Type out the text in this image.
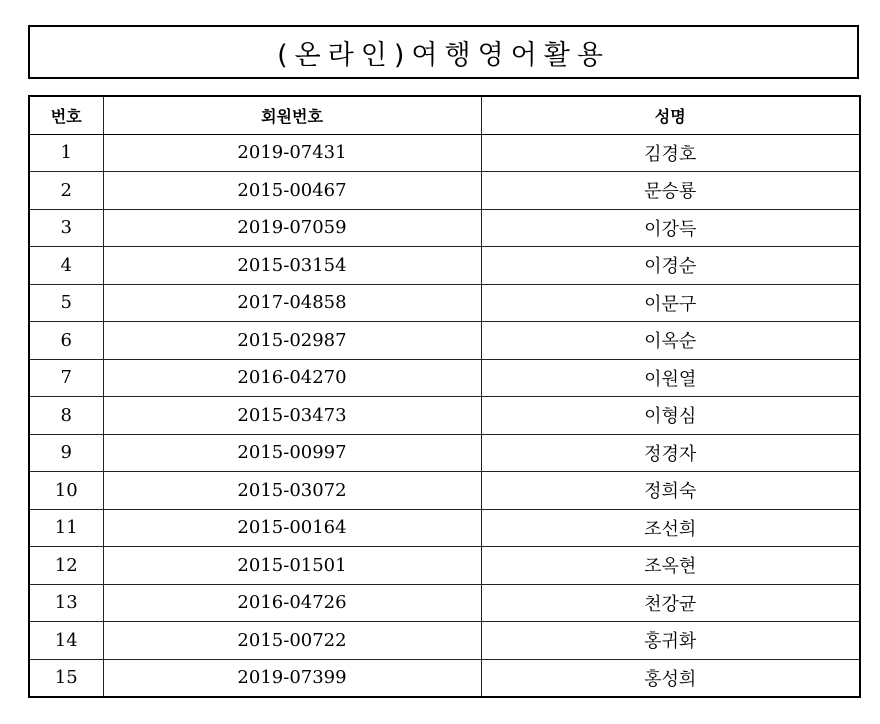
(온라인)여행영어활용
번호	회원번호	성명
1	2019-07431	김경호
2	2015-00467	문승룡
3	2019-07059	이강득
4	2015-03154	이경순
5	2017-04858	이문구
6	2015-02987	이옥순
7	2016-04270	이원열
8	2015-03473	이형심
9	2015-00997	정경자
10	2015-03072	정희숙
11	2015-00164	조선희
12	2015-01501	조옥현
13	2016-04726	천강균
14	2015-00722	홍귀화
15	2019-07399	홍성희
